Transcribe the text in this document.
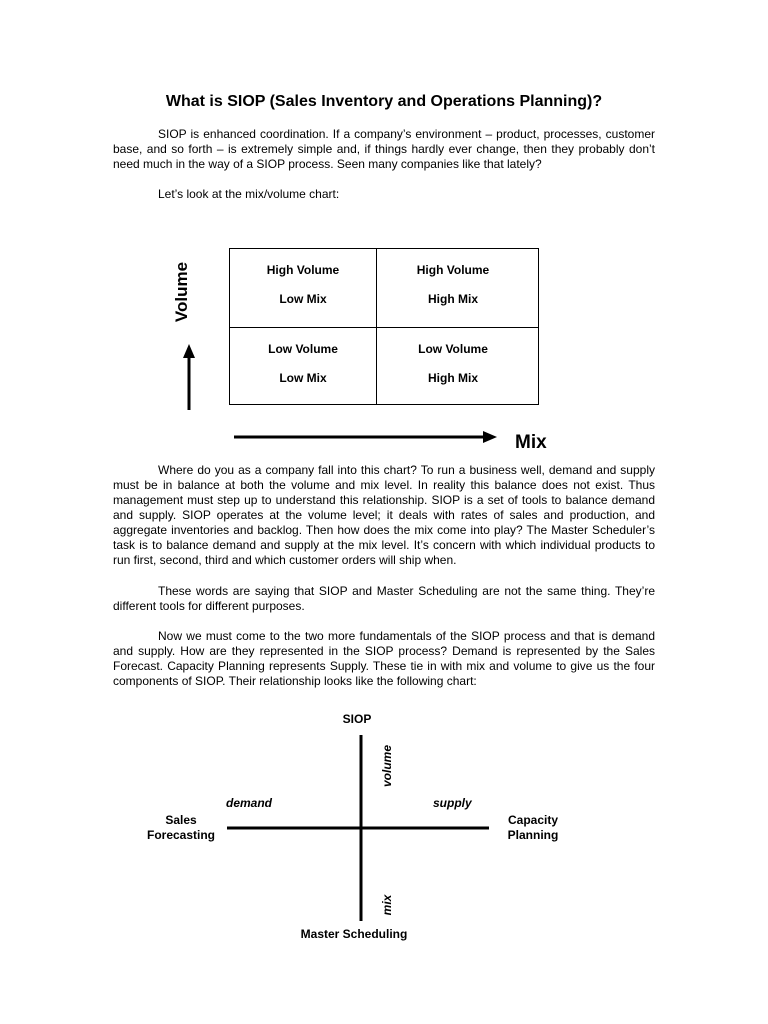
What is SIOP (Sales Inventory and Operations Planning)?

SIOP is enhanced coordination. If a company’s environment – product, processes, customer base, and so forth – is extremely simple and, if things hardly ever change, then they probably don’t need much in the way of a SIOP process. Seen many companies like that lately?

Let’s look at the mix/volume chart:

Volume	High Volume
Low Mix
High Volume
High Mix
Low Volume
Low Mix
Low Volume
High Mix
Mix

Where do you as a company fall into this chart? To run a business well, demand and supply must be in balance at both the volume and mix level. In reality this balance does not exist. Thus management must step up to understand this relationship. SIOP is a set of tools to balance demand and supply. SIOP operates at the volume level; it deals with rates of sales and production, and aggregate inventories and backlog. Then how does the mix come into play? The Master Scheduler’s task is to balance demand and supply at the mix level. It’s concern with which individual products to run first, second, third and which customer orders will ship when.

These words are saying that SIOP and Master Scheduling are not the same thing. They’re different tools for different purposes.

Now we must come to the two more fundamentals of the SIOP process and that is demand and supply. How are they represented in the SIOP process? Demand is represented by the Sales Forecast. Capacity Planning represents Supply. These tie in with mix and volume to give us the four components of SIOP. Their relationship looks like the following chart:

SIOP
demand	supply
volume
mix
Sales Forecasting
Capacity Planning
Master Scheduling
